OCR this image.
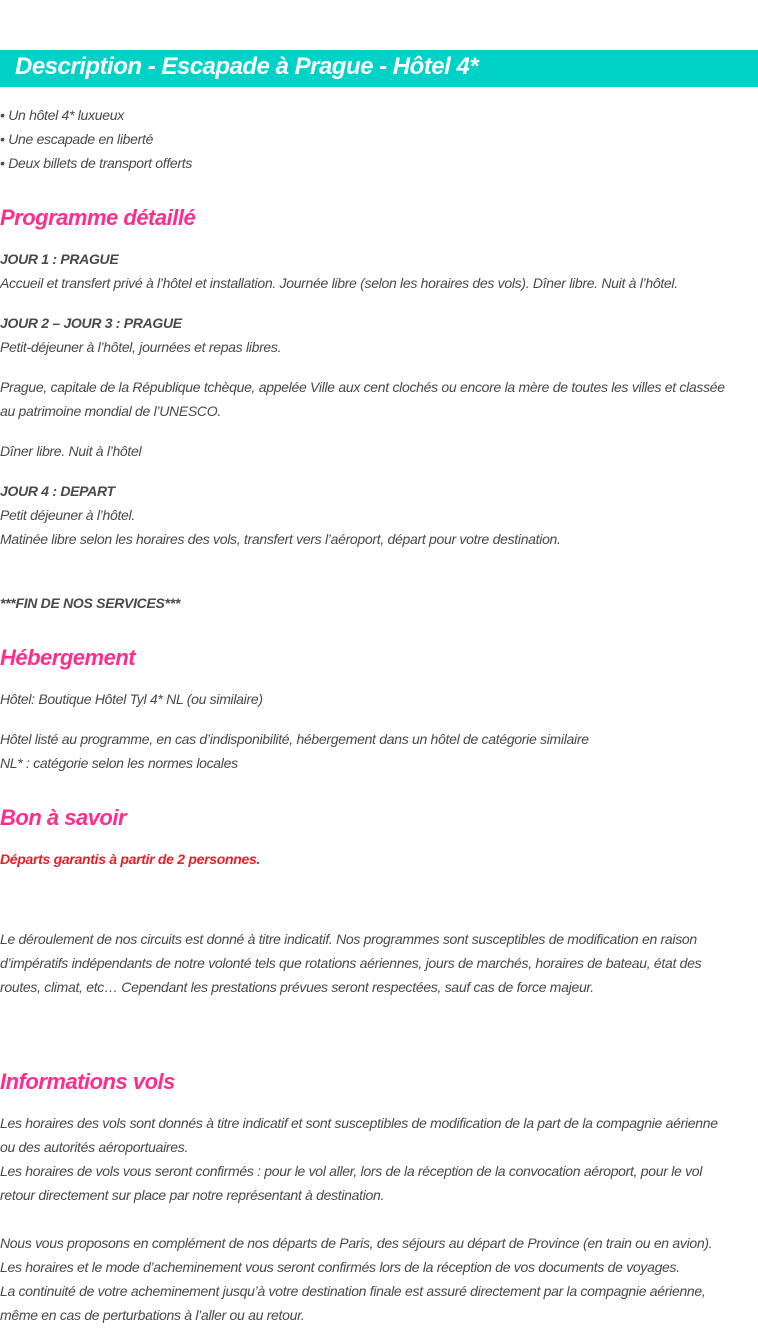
Description - Escapade à Prague - Hôtel 4*
• Un hôtel 4* luxueux
• Une escapade en liberté
• Deux billets de transport offerts
Programme détaillé
JOUR 1 : PRAGUE
Accueil et transfert privé à l’hôtel et installation. Journée libre (selon les horaires des vols). Dîner libre. Nuit à l’hôtel.
JOUR 2 – JOUR 3 : PRAGUE
Petit-déjeuner à l’hôtel, journées et repas libres.
Prague, capitale de la République tchèque, appelée Ville aux cent clochés ou encore la mère de toutes les villes et classée
au patrimoine mondial de l’UNESCO.
Dîner libre. Nuit à l’hôtel
JOUR 4 : DEPART
Petit déjeuner à l’hôtel.
Matinée libre selon les horaires des vols, transfert vers l’aéroport, départ pour votre destination.
***FIN DE NOS SERVICES***
Hébergement
Hôtel: Boutique Hôtel Tyl 4* NL (ou similaire)
Hôtel listé au programme, en cas d’indisponibilité, hébergement dans un hôtel de catégorie similaire
NL* : catégorie selon les normes locales
Bon à savoir
Départs garantis à partir de 2 personnes.
Le déroulement de nos circuits est donné à titre indicatif. Nos programmes sont susceptibles de modification en raison
d’impératifs indépendants de notre volonté tels que rotations aériennes, jours de marchés, horaires de bateau, état des
routes, climat, etc… Cependant les prestations prévues seront respectées, sauf cas de force majeur.
Informations vols
Les horaires des vols sont donnés à titre indicatif et sont susceptibles de modification de la part de la compagnie aérienne
ou des autorités aéroportuaires.
Les horaires de vols vous seront confirmés : pour le vol aller, lors de la réception de la convocation aéroport, pour le vol
retour directement sur place par notre représentant à destination.
Nous vous proposons en complément de nos départs de Paris, des séjours au départ de Province (en train ou en avion).
Les horaires et le mode d’acheminement vous seront confirmés lors de la réception de vos documents de voyages.
La continuité de votre acheminement jusqu’à votre destination finale est assuré directement par la compagnie aérienne,
même en cas de perturbations à l’aller ou au retour.
